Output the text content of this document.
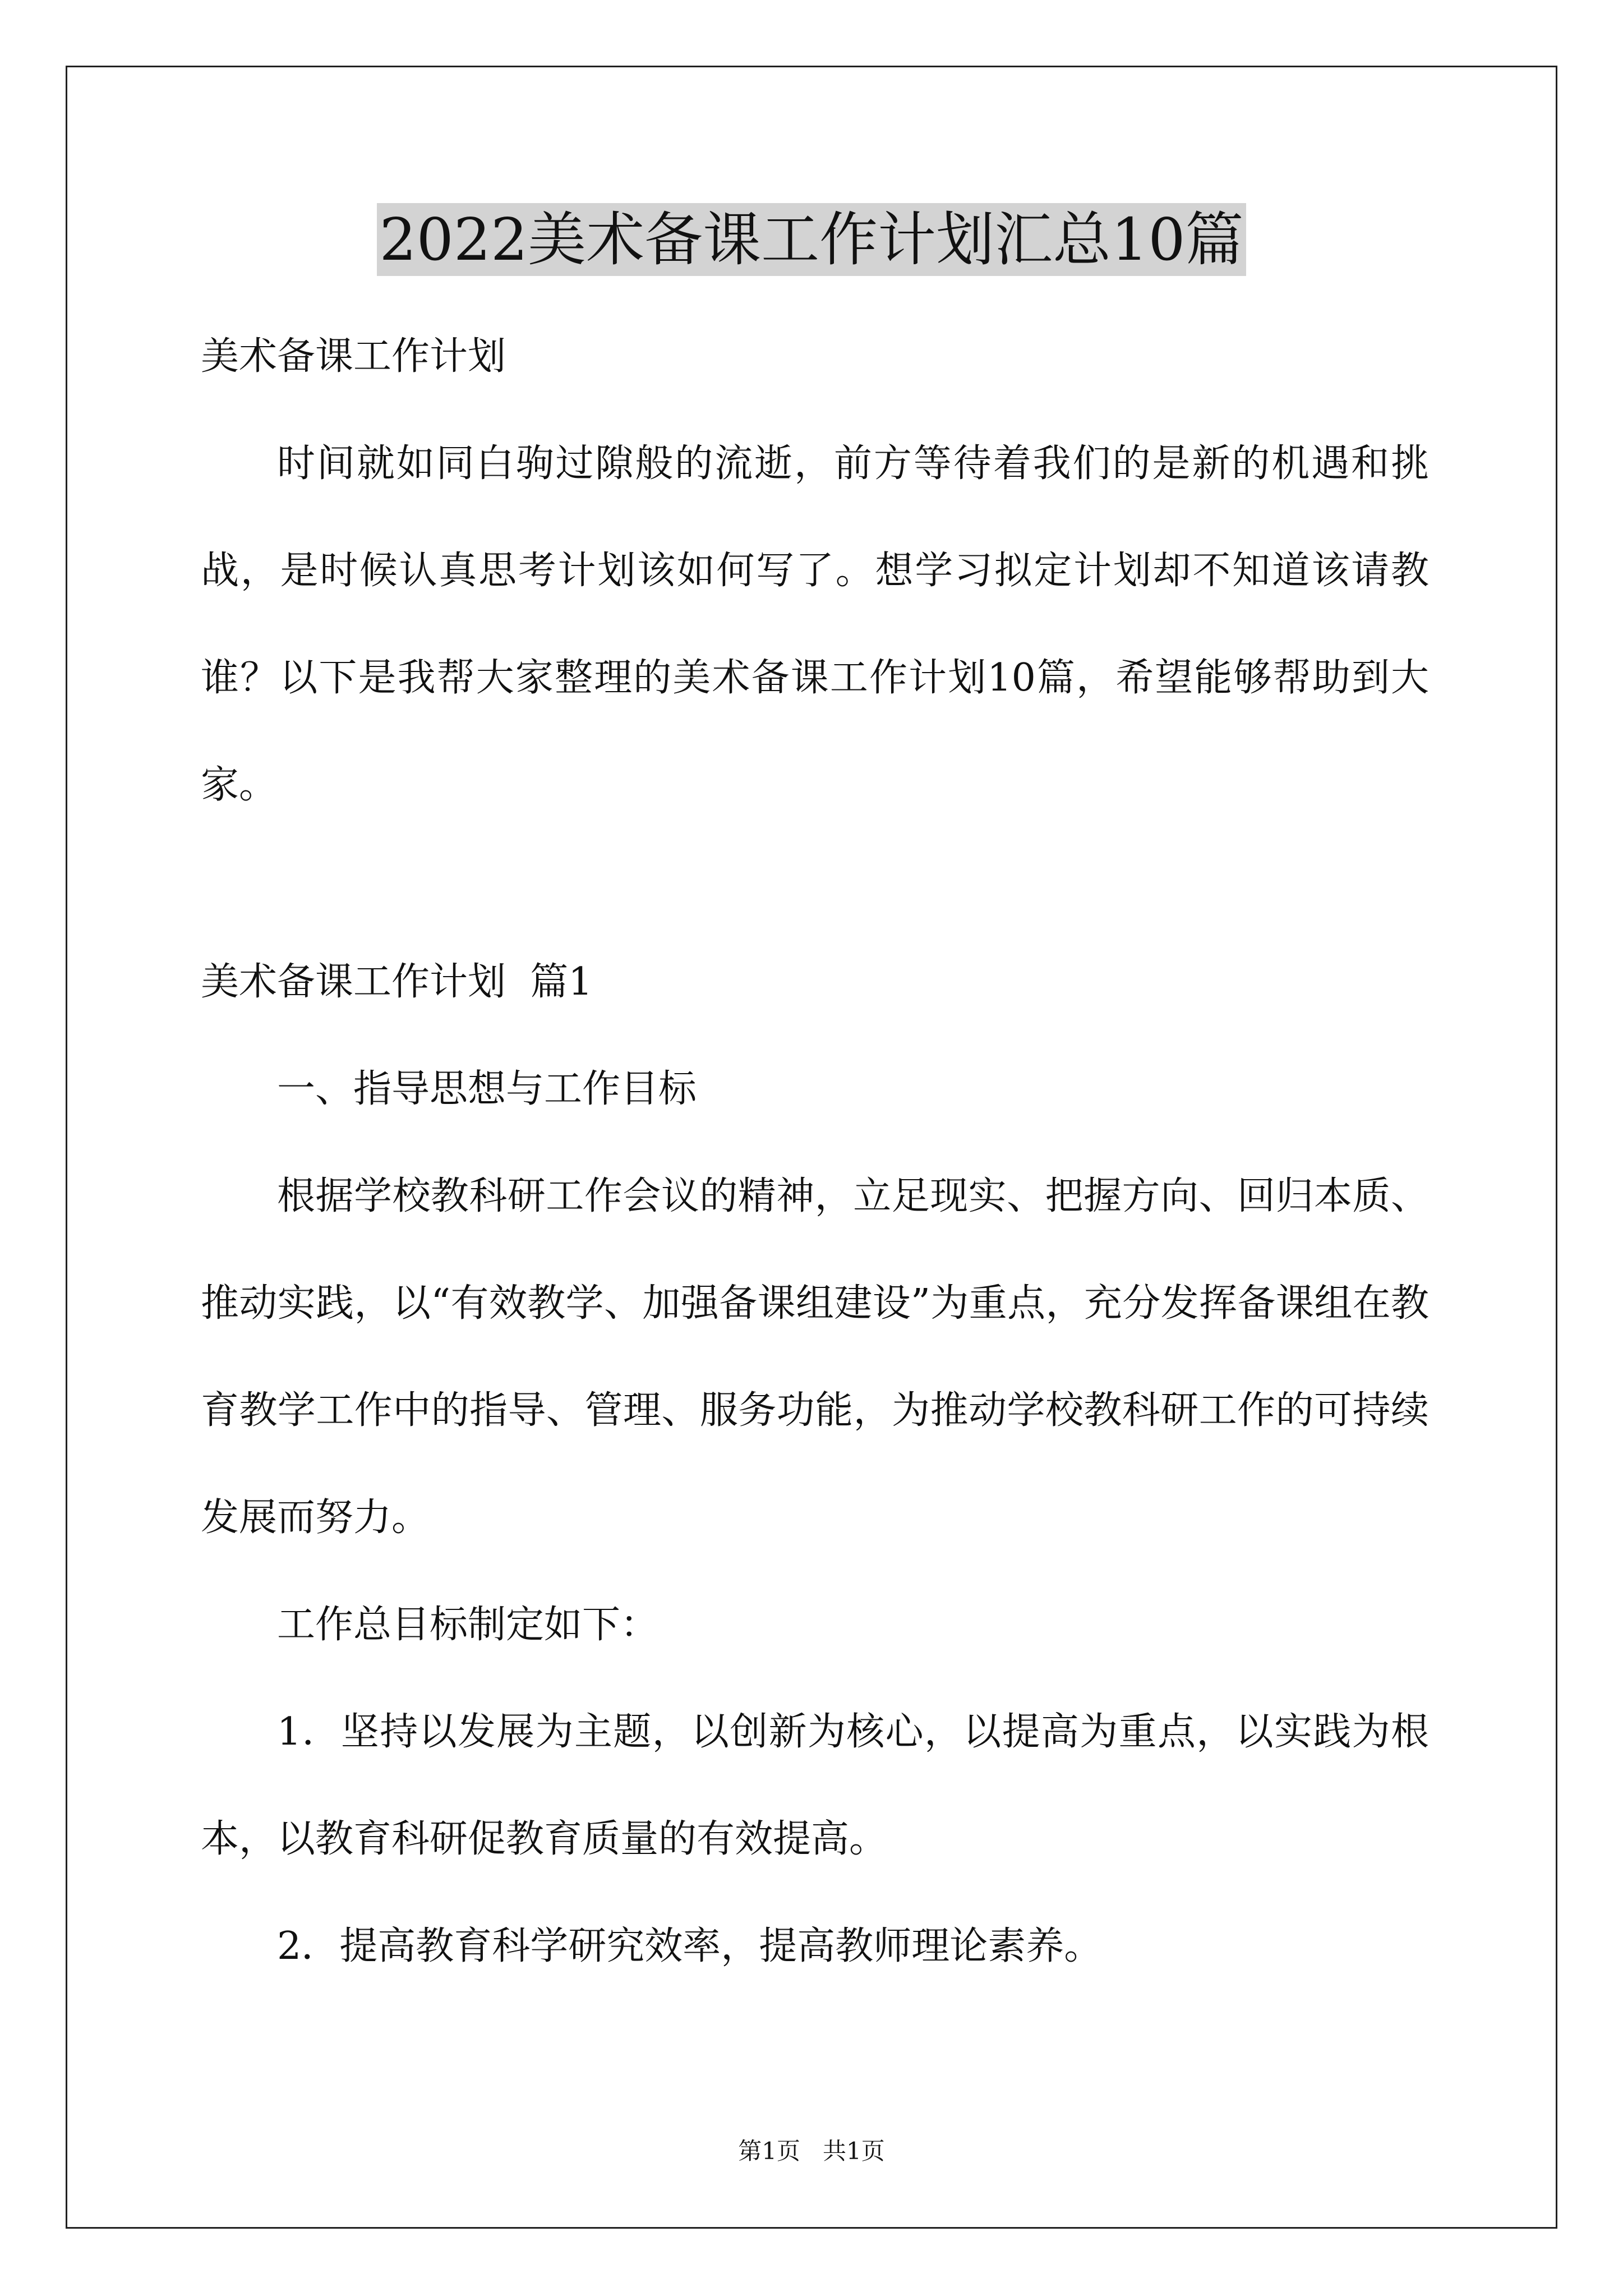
2022美术备课工作计划汇总10篇

美术备课工作计划

时间就如同白驹过隙般的流逝，前方等待着我们的是新的机遇和挑战，是时候认真思考计划该如何写了。想学习拟定计划却不知道该请教谁？以下是我帮大家整理的美术备课工作计划10篇，希望能够帮助到大家。

美术备课工作计划  篇1

一、指导思想与工作目标

根据学校教科研工作会议的精神，立足现实、把握方向、回归本质、推动实践，以“有效教学、加强备课组建设”为重点，充分发挥备课组在教育教学工作中的指导、管理、服务功能，为推动学校教科研工作的可持续发展而努力。

工作总目标制定如下：

1．坚持以发展为主题，以创新为核心，以提高为重点，以实践为根本，以教育科研促教育质量的有效提高。

2．提高教育科学研究效率，提高教师理论素养。

第1页   共1页
